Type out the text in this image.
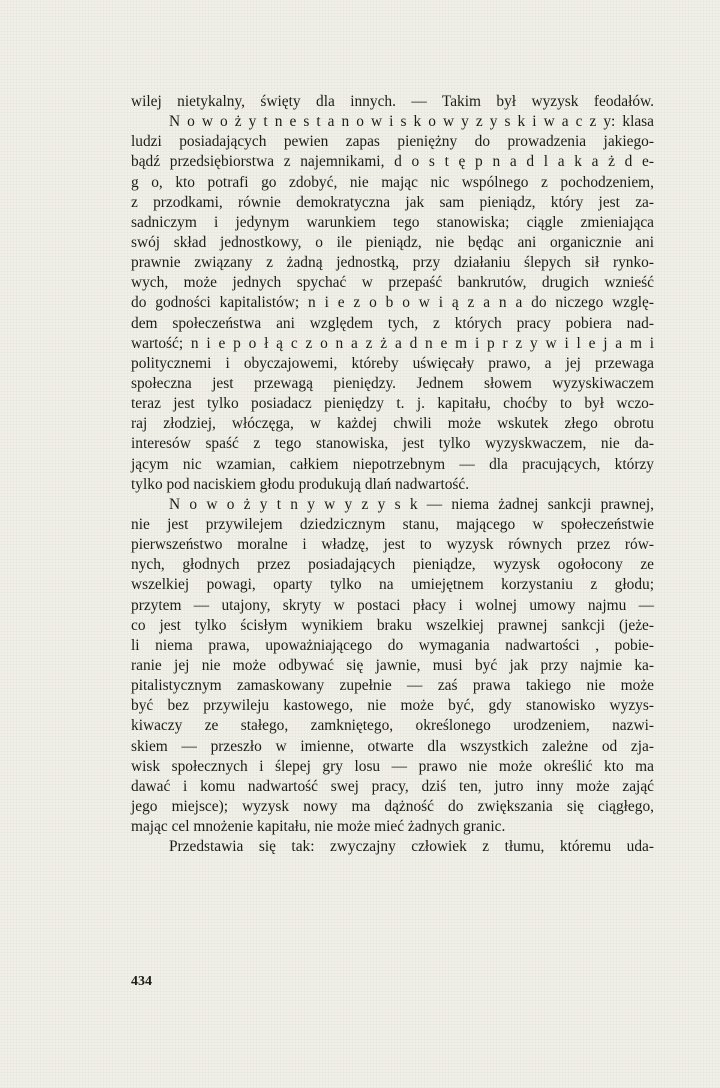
wilej nietykalny, święty dla innych. — Takim był wyzysk feodałów.
N o w o ż y t n e s t a n o w i s k o w y z y s k i w a c z y: klasa
ludzi posiadających pewien zapas pieniężny do prowadzenia jakiego-
bądź przedsiębiorstwa z najemnikami, d o s t ę p n a d l a k a ż d e-
g o, kto potrafi go zdobyć, nie mając nic wspólnego z pochodzeniem,
z przodkami, równie demokratyczna jak sam pieniądz, który jest za-
sadniczym i jedynym warunkiem tego stanowiska; ciągle zmieniająca
swój skład jednostkowy, o ile pieniądz, nie będąc ani organicznie ani
prawnie związany z żadną jednostką, przy działaniu ślepych sił rynko-
wych, może jednych spychać w przepaść bankrutów, drugich wznieść
do godności kapitalistów; n i e z o b o w i ą z a n a do niczego wzglę-
dem społeczeństwa ani względem tych, z których pracy pobiera nad-
wartość; n i e p o ł ą c z o n a z ż a d n e m i p r z y w i l e j a m i
politycznemi i obyczajowemi, któreby uświęcały prawo, a jej przewaga
społeczna jest przewagą pieniędzy. Jednem słowem wyzyskiwaczem
teraz jest tylko posiadacz pieniędzy t. j. kapitału, choćby to był wczo-
raj złodziej, włóczęga, w każdej chwili może wskutek złego obrotu
interesów spaść z tego stanowiska, jest tylko wyzyskwaczem, nie da-
jącym nic wzamian, całkiem niepotrzebnym — dla pracujących, którzy
tylko pod naciskiem głodu produkują dlań nadwartość.
N o w o ż y t n y w y z y s k — niema żadnej sankcji prawnej,
nie jest przywilejem dziedzicznym stanu, mającego w społeczeństwie
pierwszeństwo moralne i władzę, jest to wyzysk równych przez rów-
nych, głodnych przez posiadających pieniądze, wyzysk ogołocony ze
wszelkiej powagi, oparty tylko na umiejętnem korzystaniu z głodu;
przytem — utajony, skryty w postaci płacy i wolnej umowy najmu —
co jest tylko ścisłym wynikiem braku wszelkiej prawnej sankcji (jeże-
li niema prawa, upoważniającego do wymagania nadwartości , pobie-
ranie jej nie może odbywać się jawnie, musi być jak przy najmie ka-
pitalistycznym zamaskowany zupełnie — zaś prawa takiego nie może
być bez przywileju kastowego, nie może być, gdy stanowisko wyzys-
kiwaczy ze stałego, zamkniętego, określonego urodzeniem, nazwi-
skiem — przeszło w imienne, otwarte dla wszystkich zależne od zja-
wisk społecznych i ślepej gry losu — prawo nie może określić kto ma
dawać i komu nadwartość swej pracy, dziś ten, jutro inny może zająć
jego miejsce); wyzysk nowy ma dążność do zwiększania się ciągłego,
mając cel mnożenie kapitału, nie może mieć żadnych granic.
Przedstawia się tak: zwyczajny człowiek z tłumu, któremu uda-
434
